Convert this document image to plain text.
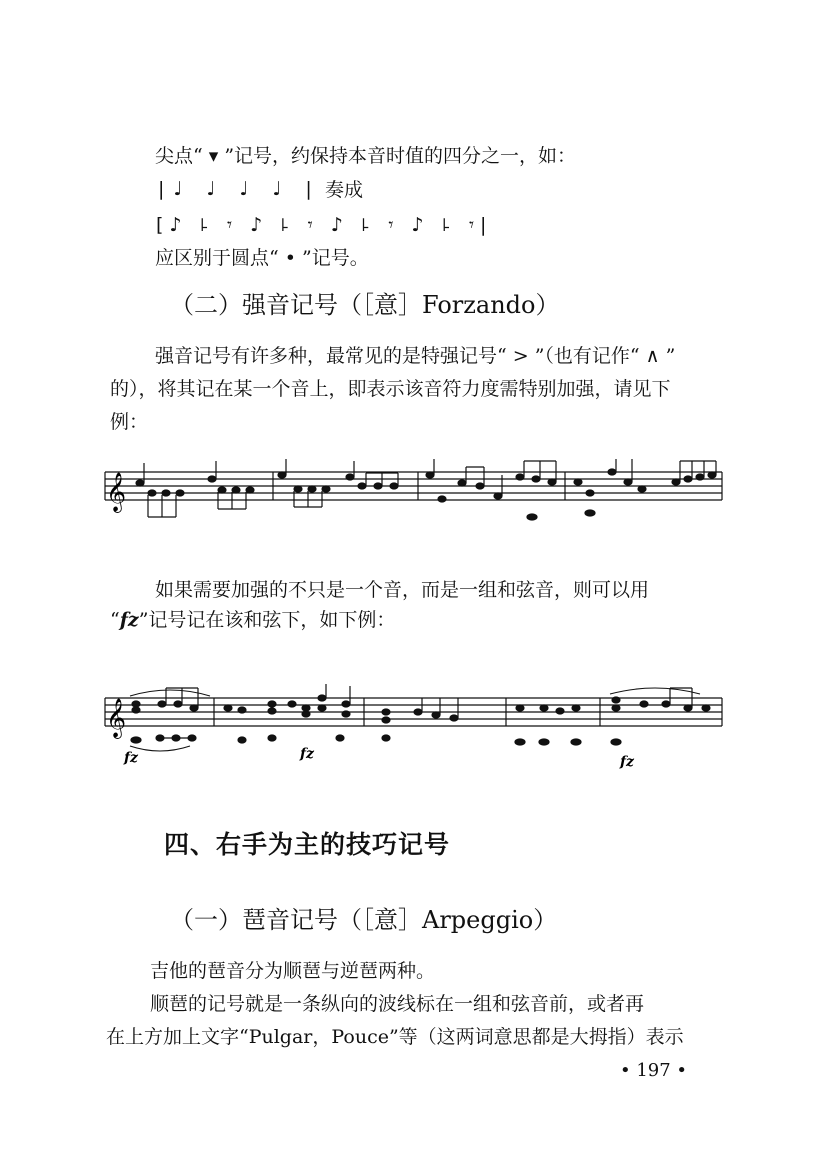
尖点“ ▾ ”记号，约保持本音时值的四分之一，如：
|♩ ♩ ♩ ♩ | 奏成
[♪ ꜕ 𝄾 ♪ ꜕ 𝄾 ♪ ꜕ 𝄾 ♪ ꜕ 𝄾|
应区别于圆点“ • ”记号。
（二）强音记号（［意］Forzando）
强音记号有许多种，最常见的是特强记号“ > ”（也有记作“ ∧ ”
的），将其记在某一个音上，即表示该音符力度需特别加强，请见下
例：
𝄞
如果需要加强的不只是一个音，而是一组和弦音，则可以用
“fz”记号记在该和弦下，如下例：
𝄞
fz	fz	fz
四、右手为主的技巧记号
（一）琶音记号（［意］Arpeggio）
吉他的琶音分为顺琶与逆琶两种。
顺琶的记号就是一条纵向的波线标在一组和弦音前，或者再
在上方加上文字“Pulgar，Pouce”等（这两词意思都是大拇指）表示
• 197 •
